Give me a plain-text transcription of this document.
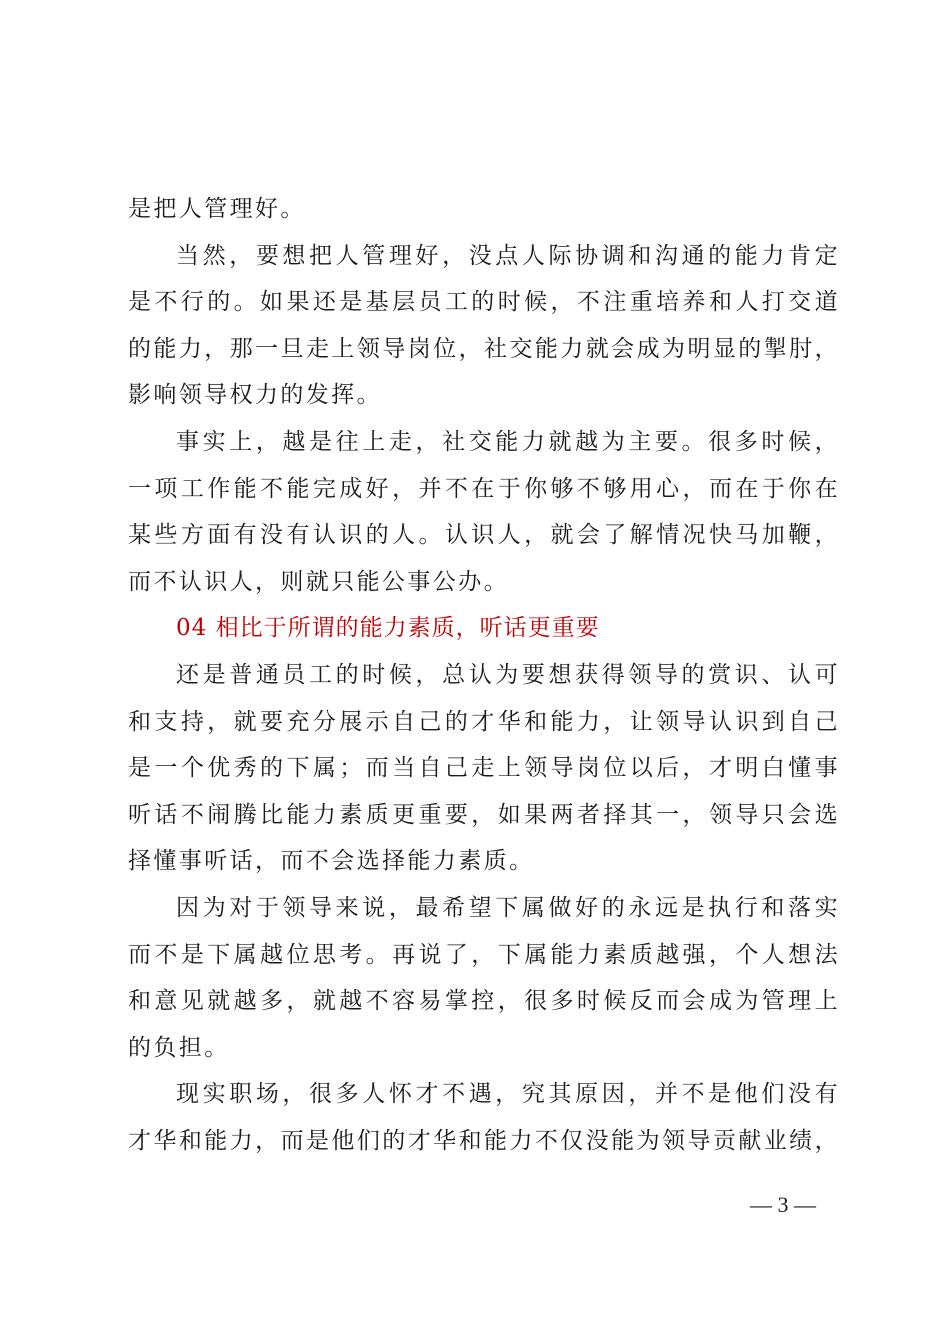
是把人管理好。
当然，要想把人管理好，没点人际协调和沟通的能力肯定
是不行的。如果还是基层员工的时候，不注重培养和人打交道
的能力，那一旦走上领导岗位，社交能力就会成为明显的掣肘，
影响领导权力的发挥。
事实上，越是往上走，社交能力就越为主要。很多时候，
一项工作能不能完成好，并不在于你够不够用心，而在于你在
某些方面有没有认识的人。认识人，就会了解情况快马加鞭，
而不认识人，则就只能公事公办。
04 相比于所谓的能力素质，听话更重要
还是普通员工的时候，总认为要想获得领导的赏识、认可
和支持，就要充分展示自己的才华和能力，让领导认识到自己
是一个优秀的下属；而当自己走上领导岗位以后，才明白懂事
听话不闹腾比能力素质更重要，如果两者择其一，领导只会选
择懂事听话，而不会选择能力素质。
因为对于领导来说，最希望下属做好的永远是执行和落实
而不是下属越位思考。再说了，下属能力素质越强，个人想法
和意见就越多，就越不容易掌控，很多时候反而会成为管理上
的负担。
现实职场，很多人怀才不遇，究其原因，并不是他们没有
才华和能力，而是他们的才华和能力不仅没能为领导贡献业绩，
— 3 —
